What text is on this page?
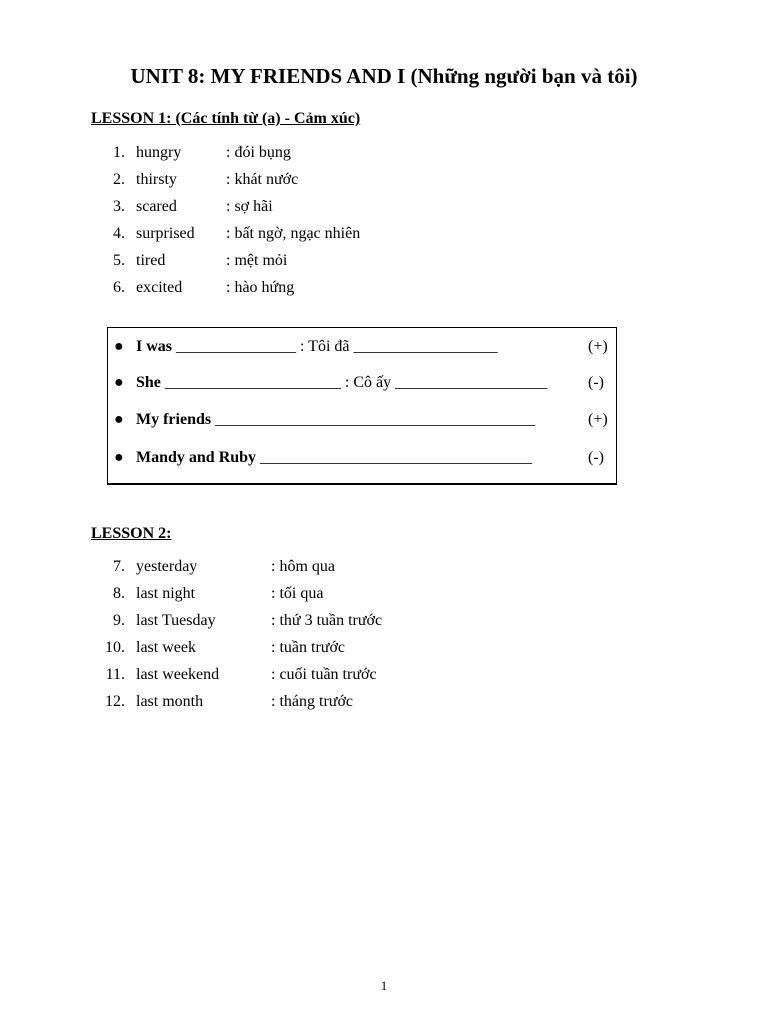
UNIT 8: MY FRIENDS AND I (Những người bạn và tôi)
LESSON 1: (Các tính từ (a) - Cảm xúc)
1. hungry	: đói bụng
2. thirsty	: khát nước
3. scared	: sợ hãi
4. surprised : bất ngờ, ngạc nhiên
5. tired	: mệt mỏi
6. excited	: hào hứng
● I was _______________ : Tôi đã __________________	(+)
● She ______________________ : Cô ấy ___________________	(-)
● My friends ________________________________________	(+)
● Mandy and Ruby __________________________________	(-)
LESSON 2:
7. yesterday	: hôm qua
8. last night	: tối qua
9. last Tuesday	: thứ 3 tuần trước
10. last week	: tuần trước
11. last weekend	: cuối tuần trước
12. last month	: tháng trước
1
